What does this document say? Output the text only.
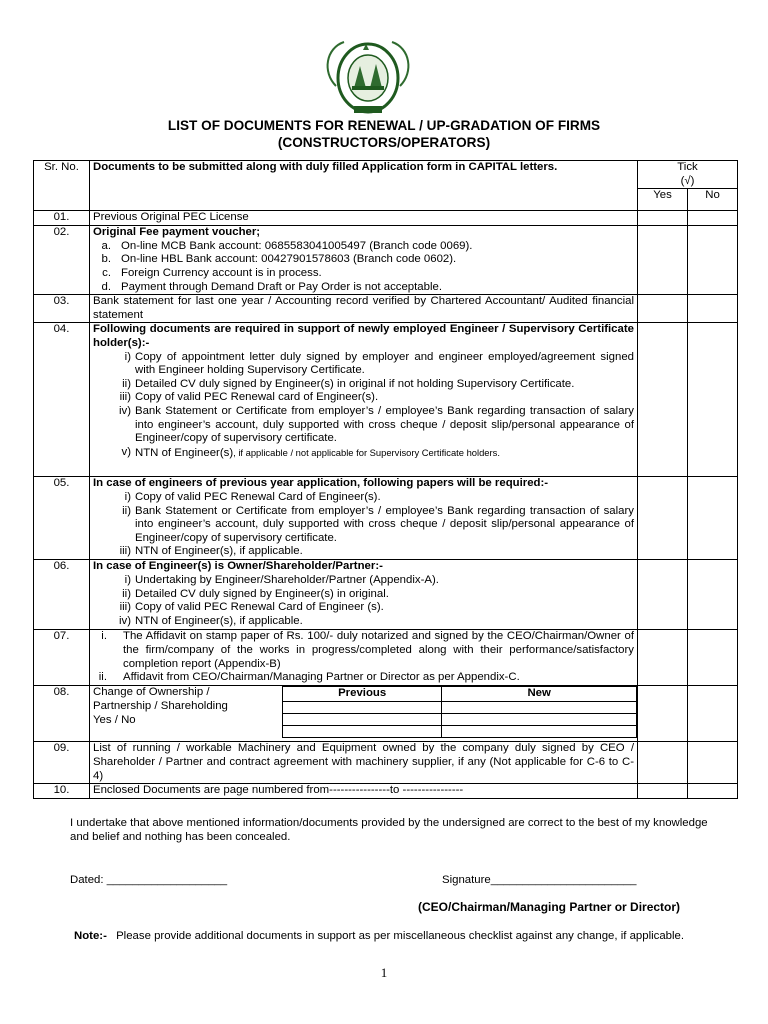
LIST OF DOCUMENTS FOR RENEWAL / UP-GRADATION OF FIRMS
(CONSTRUCTORS/OPERATORS)
Sr. No.	Documents to be submitted along with duly filled Application form in CAPITAL letters.	Tick
(√)

Yes	No
01.	Previous Original PEC License		
02.	Original Fee payment voucher;
a. On-line MCB Bank account: 0685583041005497 (Branch code 0069).
b. On-line HBL Bank account: 00427901578603 (Branch code 0602).
c. Foreign Currency account is in process.
d. Payment through Demand Draft or Pay Order is not acceptable.

03.	Bank statement for last one year / Accounting record verified by Chartered Accountant/ Audited financial statement		
04.	Following documents are required in support of newly employed Engineer / Supervisory Certificate holder(s):-
i) Copy of appointment letter duly signed by employer and engineer employed/agreement signed with Engineer holding Supervisory Certificate.
ii) Detailed CV duly signed by Engineer(s) in original if not holding Supervisory Certificate.
iii) Copy of valid PEC Renewal card of Engineer(s).
iv) Bank Statement or Certificate from employer’s / employee’s Bank regarding transaction of salary into engineer’s account, duly supported with cross cheque / deposit slip/personal appearance of Engineer/copy of supervisory certificate.
v) NTN of Engineer(s), if applicable / not applicable for Supervisory Certificate holders.

05.	In case of engineers of previous year application, following papers will be required:-
i) Copy of valid PEC Renewal Card of Engineer(s).
ii) Bank Statement or Certificate from employer’s / employee’s Bank regarding transaction of salary into engineer’s account, duly supported with cross cheque / deposit slip/personal appearance of Engineer/copy of supervisory certificate.
iii) NTN of Engineer(s), if applicable.

06.	In case of Engineer(s) is Owner/Shareholder/Partner:-
i) Undertaking by Engineer/Shareholder/Partner (Appendix-A).
ii) Detailed CV duly signed by Engineer(s) in original.
iii) Copy of valid PEC Renewal Card of Engineer (s).
iv) NTN of Engineer(s), if applicable.

07.	i.	The Affidavit on stamp paper of Rs. 100/- duly notarized and signed by the CEO/Chairman/Owner of the firm/company of the works in progress/completed along with their performance/satisfactory completion report (Appendix-B)
ii.	Affidavit from CEO/Chairman/Managing Partner or Director as per Appendix-C.

08.	Change of Ownership /
Partnership / Shareholding
Yes / No
Previous	New

09.	List of running / workable Machinery and Equipment owned by the company duly signed by CEO / Shareholder / Partner and contract agreement with machinery supplier, if any (Not applicable for C-6 to C-4)		
10.	Enclosed Documents are page numbered from----------------to ----------------		
I undertake that above mentioned information/documents provided by the undersigned are correct to the best of my knowledge and belief and nothing has been concealed.
Dated: ___________________	Signature_______________________
(CEO/Chairman/Managing Partner or Director)
Note:- Please provide additional documents in support as per miscellaneous checklist against any change, if applicable.
1
